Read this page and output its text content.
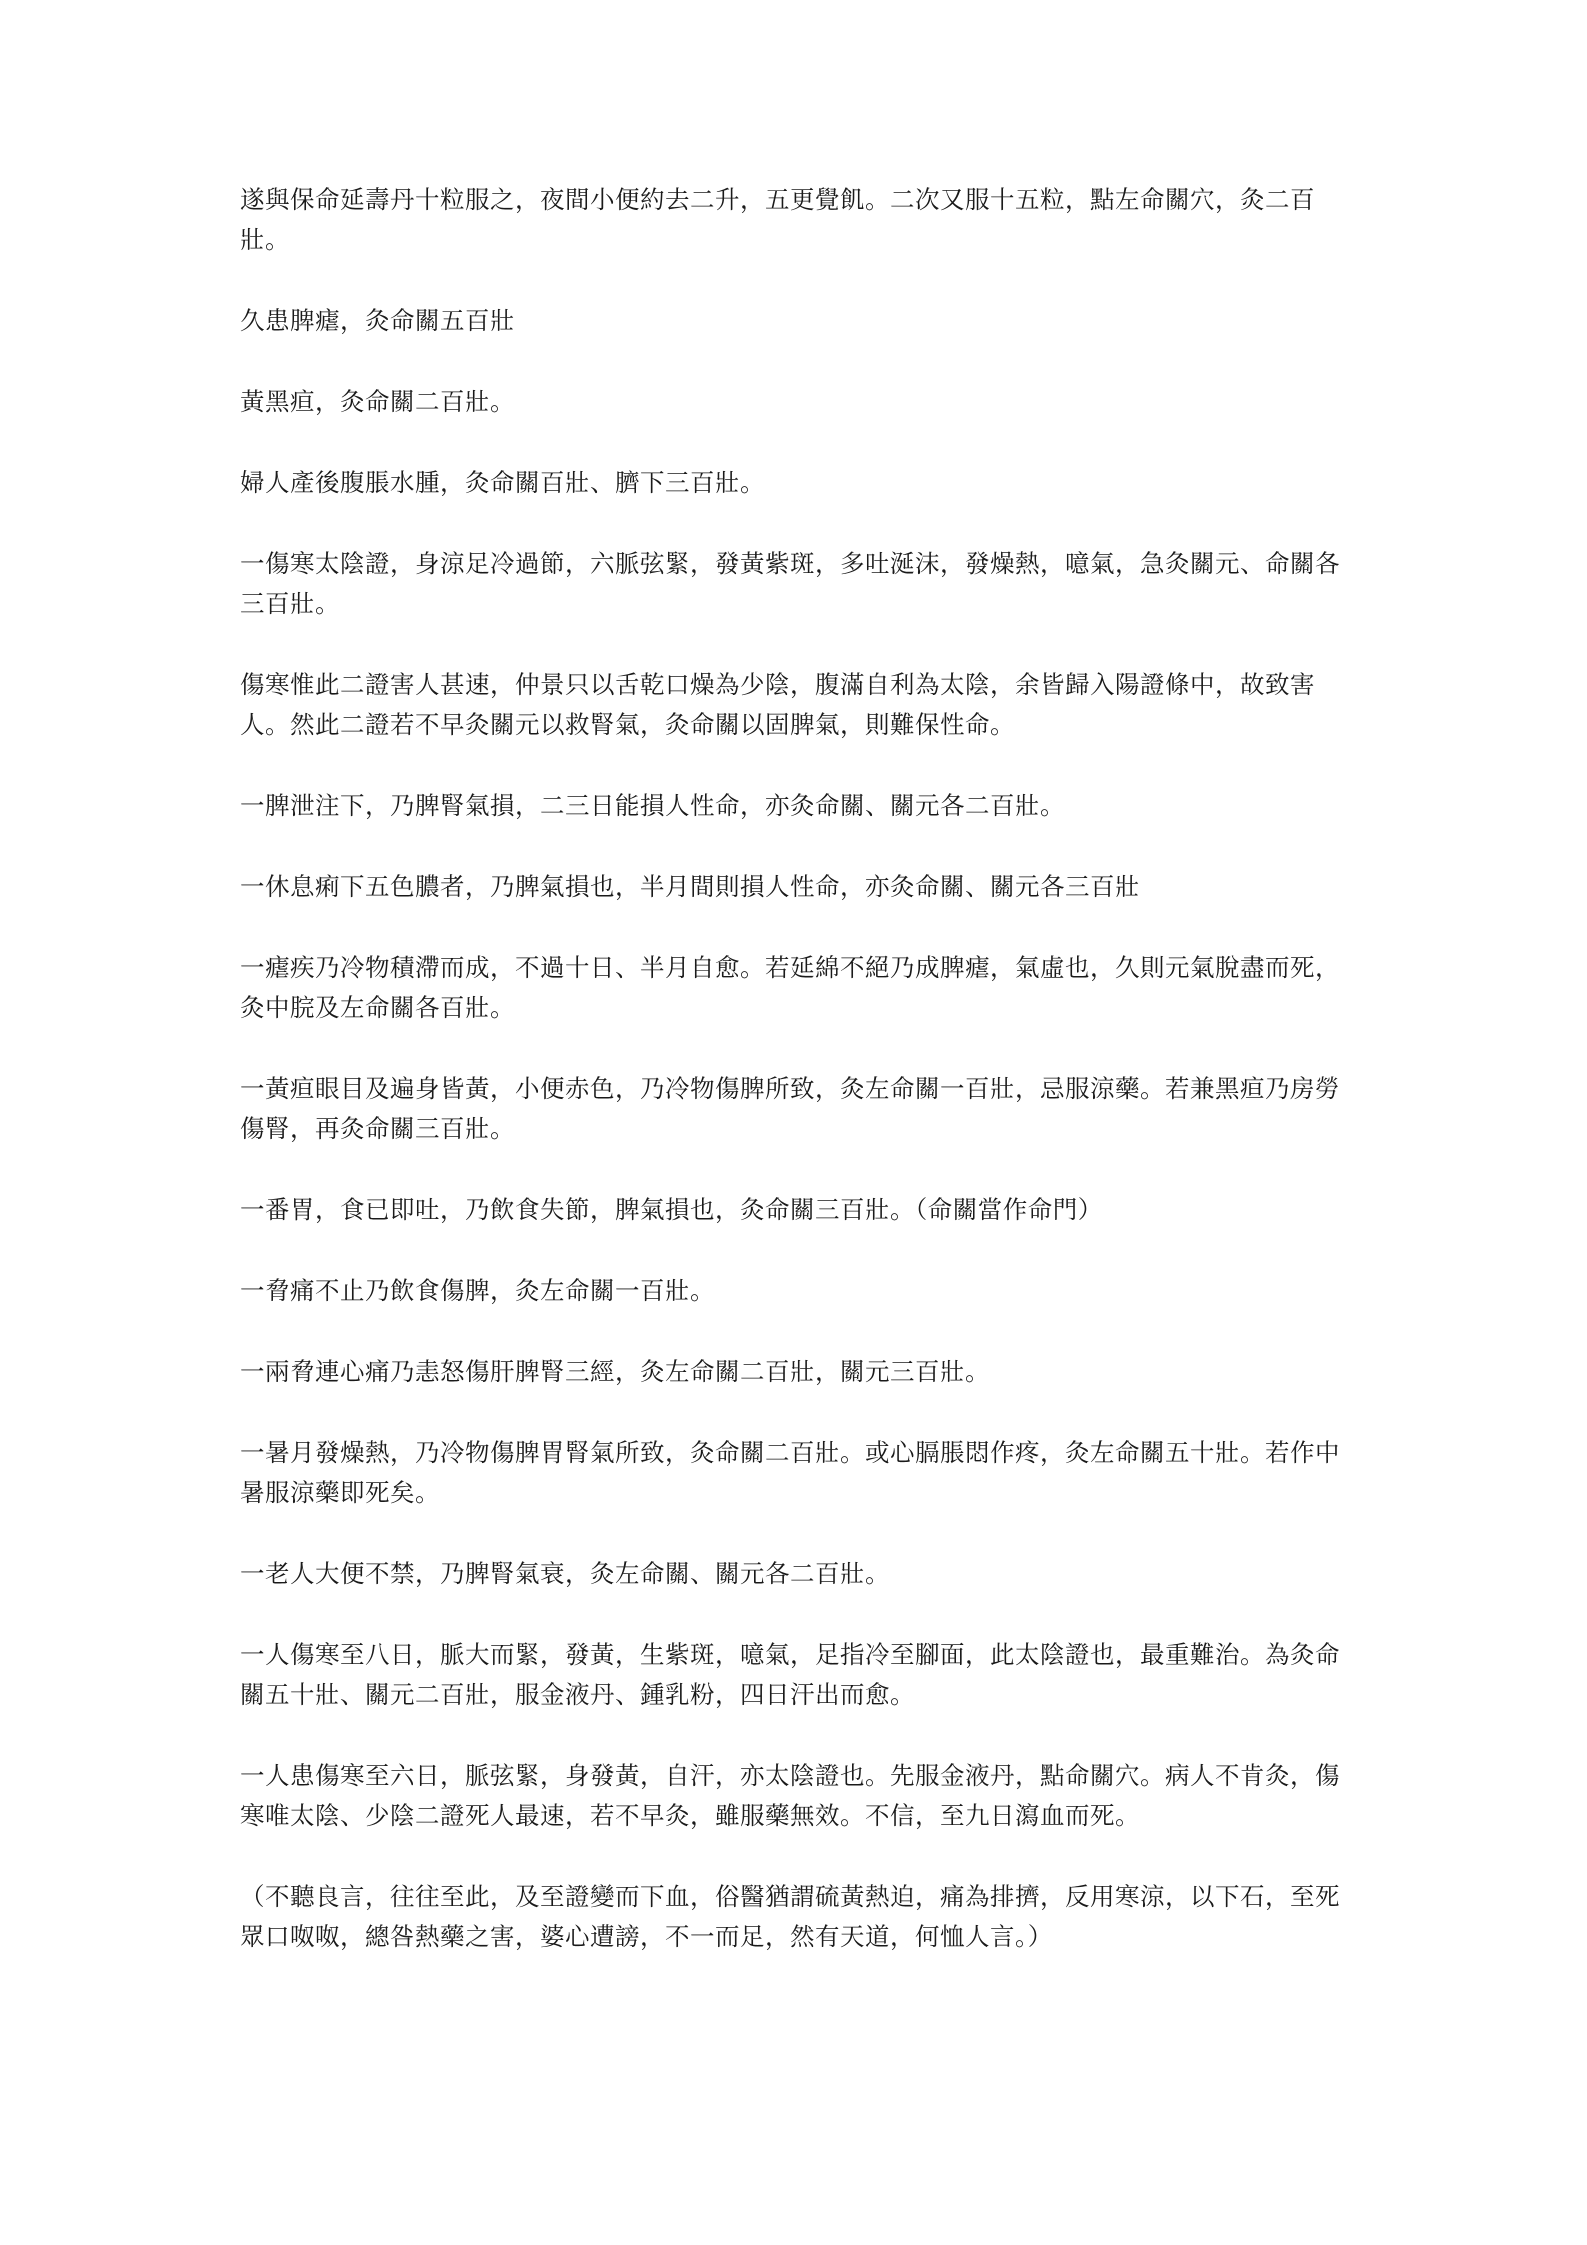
遂與保命延壽丹十粒服之，夜間小便約去二升，五更覺飢。二次又服十五粒，點左命關穴，灸二百壯。

久患脾瘧，灸命關五百壯

黃黑疸，灸命關二百壯。

婦人產後腹脹水腫，灸命關百壯、臍下三百壯。

一傷寒太陰證，身涼足冷過節，六脈弦緊，發黃紫斑，多吐涎沫，發燥熱，噫氣，急灸關元、命關各三百壯。

傷寒惟此二證害人甚速，仲景只以舌乾口燥為少陰，腹滿自利為太陰，余皆歸入陽證條中，故致害人。然此二證若不早灸關元以救腎氣，灸命關以固脾氣，則難保性命。

一脾泄注下，乃脾腎氣損，二三日能損人性命，亦灸命關、關元各二百壯。

一休息痢下五色膿者，乃脾氣損也，半月間則損人性命，亦灸命關、關元各三百壯

一瘧疾乃冷物積滯而成，不過十日、半月自愈。若延綿不絕乃成脾瘧，氣虛也，久則元氣脫盡而死，灸中脘及左命關各百壯。

一黃疸眼目及遍身皆黃，小便赤色，乃冷物傷脾所致，灸左命關一百壯，忌服涼藥。若兼黑疸乃房勞傷腎，再灸命關三百壯。

一番胃，食已即吐，乃飲食失節，脾氣損也，灸命關三百壯。（命關當作命門）

一脅痛不止乃飲食傷脾，灸左命關一百壯。

一兩脅連心痛乃恚怒傷肝脾腎三經，灸左命關二百壯，關元三百壯。

一暑月發燥熱，乃冷物傷脾胃腎氣所致，灸命關二百壯。或心膈脹悶作疼，灸左命關五十壯。若作中暑服涼藥即死矣。

一老人大便不禁，乃脾腎氣衰，灸左命關、關元各二百壯。

一人傷寒至八日，脈大而緊，發黃，生紫斑，噫氣，足指冷至腳面，此太陰證也，最重難治。為灸命關五十壯、關元二百壯，服金液丹、鍾乳粉，四日汗出而愈。

一人患傷寒至六日，脈弦緊，身發黃，自汗，亦太陰證也。先服金液丹，點命關穴。病人不肯灸，傷寒唯太陰、少陰二證死人最速，若不早灸，雖服藥無效。不信，至九日瀉血而死。

（不聽良言，往往至此，及至證變而下血，俗醫猶謂硫黃熱迫，痛為排擠，反用寒涼，以下石，至死眾口呶呶，總咎熱藥之害，婆心遭謗，不一而足，然有天道，何恤人言。）
